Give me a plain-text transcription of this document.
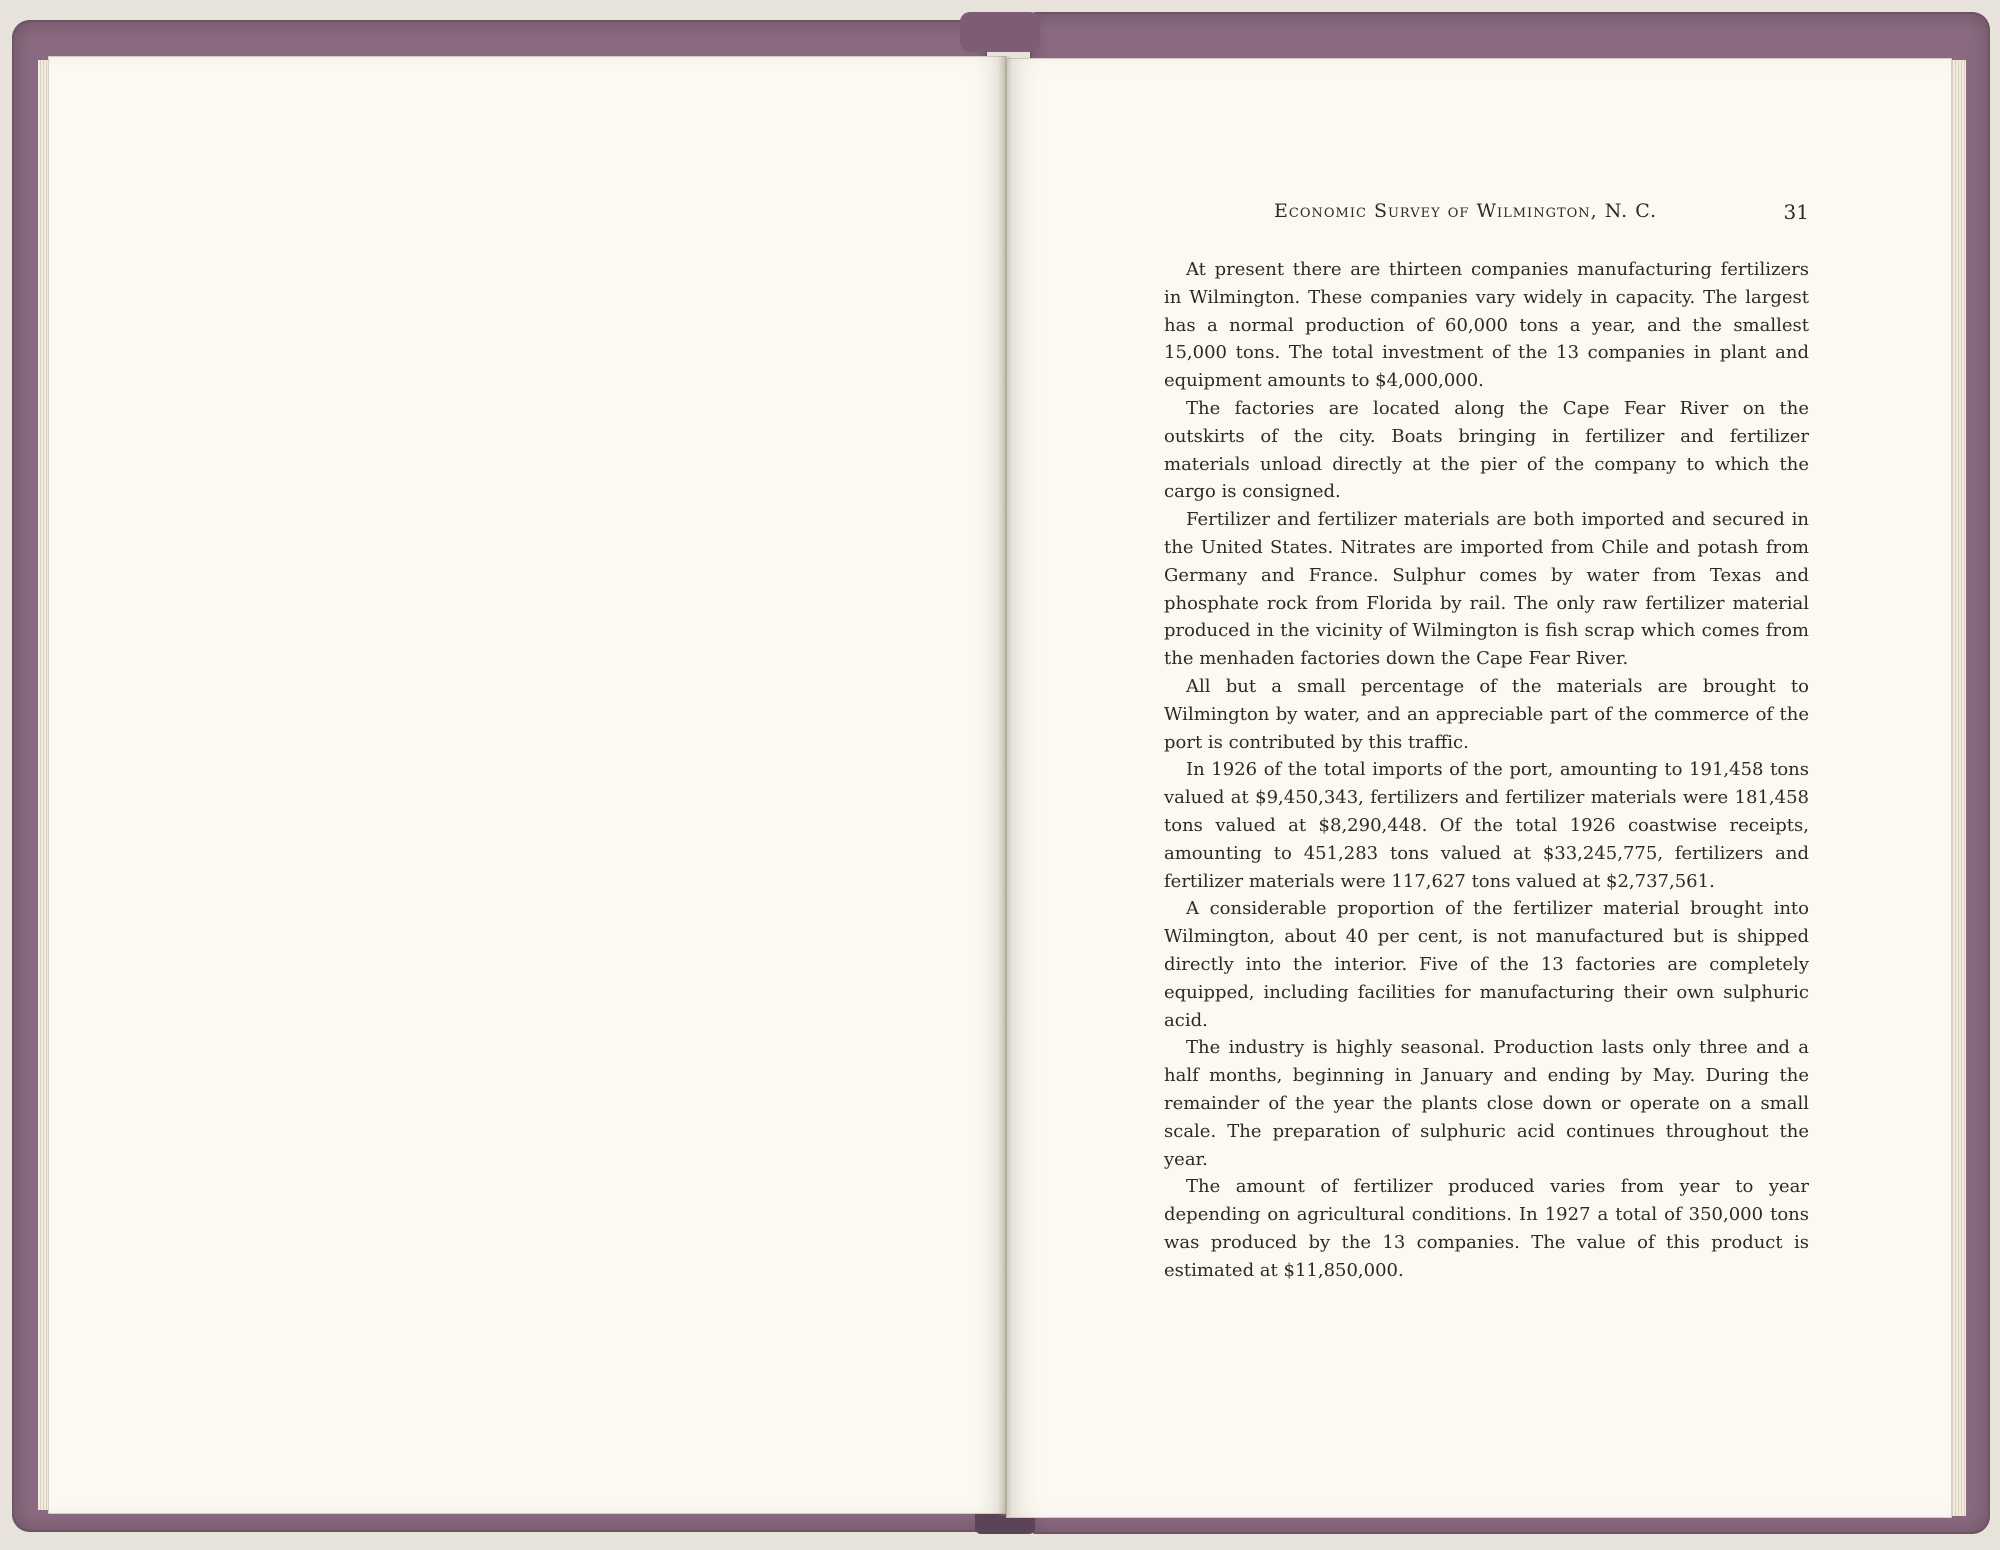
Economic Survey of Wilmington, N. C.	31

At present there are thirteen companies manufacturing fertilizers in Wilmington. These companies vary widely in capacity. The largest has a normal production of 60,000 tons a year, and the smallest 15,000 tons. The total investment of the 13 companies in plant and equipment amounts to $4,000,000.

The factories are located along the Cape Fear River on the outskirts of the city. Boats bringing in fertilizer and fertilizer materials unload directly at the pier of the company to which the cargo is consigned.

Fertilizer and fertilizer materials are both imported and secured in the United States. Nitrates are imported from Chile and potash from Germany and France. Sulphur comes by water from Texas and phosphate rock from Florida by rail. The only raw fertilizer material produced in the vicinity of Wilmington is fish scrap which comes from the menhaden factories down the Cape Fear River.

All but a small percentage of the materials are brought to Wilmington by water, and an appreciable part of the commerce of the port is contributed by this traffic.

In 1926 of the total imports of the port, amounting to 191,458 tons valued at $9,450,343, fertilizers and fertilizer materials were 181,458 tons valued at $8,290,448. Of the total 1926 coastwise receipts, amounting to 451,283 tons valued at $33,245,775, fertilizers and fertilizer materials were 117,627 tons valued at $2,737,561.

A considerable proportion of the fertilizer material brought into Wilmington, about 40 per cent, is not manufactured but is shipped directly into the interior. Five of the 13 factories are completely equipped, including facilities for manufacturing their own sulphuric acid.

The industry is highly seasonal. Production lasts only three and a half months, beginning in January and ending by May. During the remainder of the year the plants close down or operate on a small scale. The preparation of sulphuric acid continues throughout the year.

The amount of fertilizer produced varies from year to year depending on agricultural conditions. In 1927 a total of 350,000 tons was produced by the 13 companies. The value of this product is estimated at $11,850,000.
